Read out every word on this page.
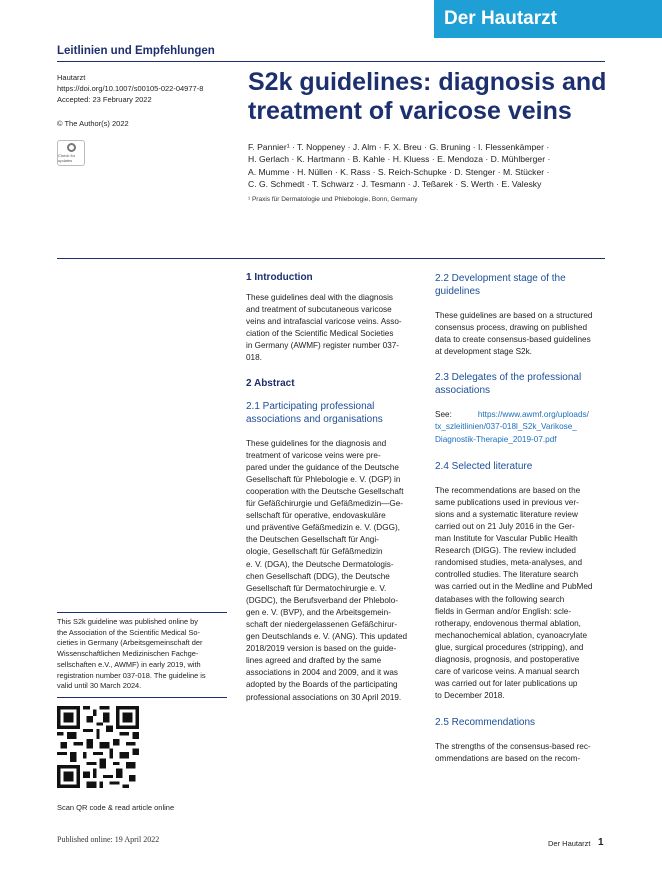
Der Hautarzt
Leitlinien und Empfehlungen
Hautarzt
https://doi.org/10.1007/s00105-022-04977-8
Accepted: 23 February 2022
© The Author(s) 2022
Check for updates
S2k guidelines: diagnosis and
treatment of varicose veins
F. Pannier¹ · T. Noppeney · J. Alm · F. X. Breu · G. Bruning · I. Flessenkämper ·
H. Gerlach · K. Hartmann · B. Kahle · H. Kluess · E. Mendoza · D. Mühlberger ·
A. Mumme · H. Nüllen · K. Rass · S. Reich-Schupke · D. Stenger · M. Stücker ·
C. G. Schmedt · T. Schwarz · J. Tesmann · J. Teßarek · S. Werth · E. Valesky
¹ Praxis für Dermatologie und Phlebologie, Bonn, Germany
1 Introduction
These guidelines deal with the diagnosis
and treatment of subcutaneous varicose
veins and intrafascial varicose veins. Asso-
ciation of the Scientific Medical Societies
in Germany (AWMF) register number 037-
018.
2 Abstract
2.1 Participating professional
associations and organisations
These guidelines for the diagnosis and
treatment of varicose veins were pre-
pared under the guidance of the Deutsche
Gesellschaft für Phlebologie e. V. (DGP) in
cooperation with the Deutsche Gesellschaft
für Gefäßchirurgie und Gefäßmedizin—Ge-
sellschaft für operative, endovaskuläre
und präventive Gefäßmedizin e. V. (DGG),
the Deutschen Gesellschaft für Angi-
ologie, Gesellschaft für Gefäßmedizin
e. V. (DGA), the Deutsche Dermatologis-
chen Gesellschaft (DDG), the Deutsche
Gesellschaft für Dermatochirurgie e. V.
(DGDC), the Berufsverband der Phlebolo-
gen e. V. (BVP), and the Arbeitsgemein-
schaft der niedergelassenen Gefäßchirur-
gen Deutschlands e. V. (ANG). This updated
2018/2019 version is based on the guide-
lines agreed and drafted by the same
associations in 2004 and 2009, and it was
adopted by the Boards of the participating
professional associations on 30 April 2019.
2.2 Development stage of the
guidelines
These guidelines are based on a structured
consensus process, drawing on published
data to create consensus-based guidelines
at development stage S2k.
2.3 Delegates of the professional
associations
See:	https://www.awmf.org/uploads/
tx_szleitlinien/037-018l_S2k_Varikose_
Diagnostik-Therapie_2019-07.pdf
2.4 Selected literature
The recommendations are based on the
same publications used in previous ver-
sions and a systematic literature review
carried out on 21 July 2016 in the Ger-
man Institute for Vascular Public Health
Research (DIGG). The review included
randomised studies, meta-analyses, and
controlled studies. The literature search
was carried out in the Medline and PubMed
databases with the following search
fields in German and/or English: scle-
rotherapy, endovenous thermal ablation,
mechanochemical ablation, cyanoacrylate
glue, surgical procedures (stripping), and
diagnosis, prognosis, and postoperative
care of varicose veins. A manual search
was carried out for later publications up
to December 2018.
2.5 Recommendations
The strengths of the consensus-based rec-
ommendations are based on the recom-
This S2k guideline was published online by
the Association of the Scientific Medical So-
cieties in Germany (Arbeitsgemeinschaft der
Wissenschaftlichen Medizinischen Fachge-
sellschaften e.V., AWMF) in early 2019, with
registration number 037-018. The guideline is
valid until 30 March 2024.
Scan QR code & read article online
Published online: 19 April 2022	Der Hautarzt 1
